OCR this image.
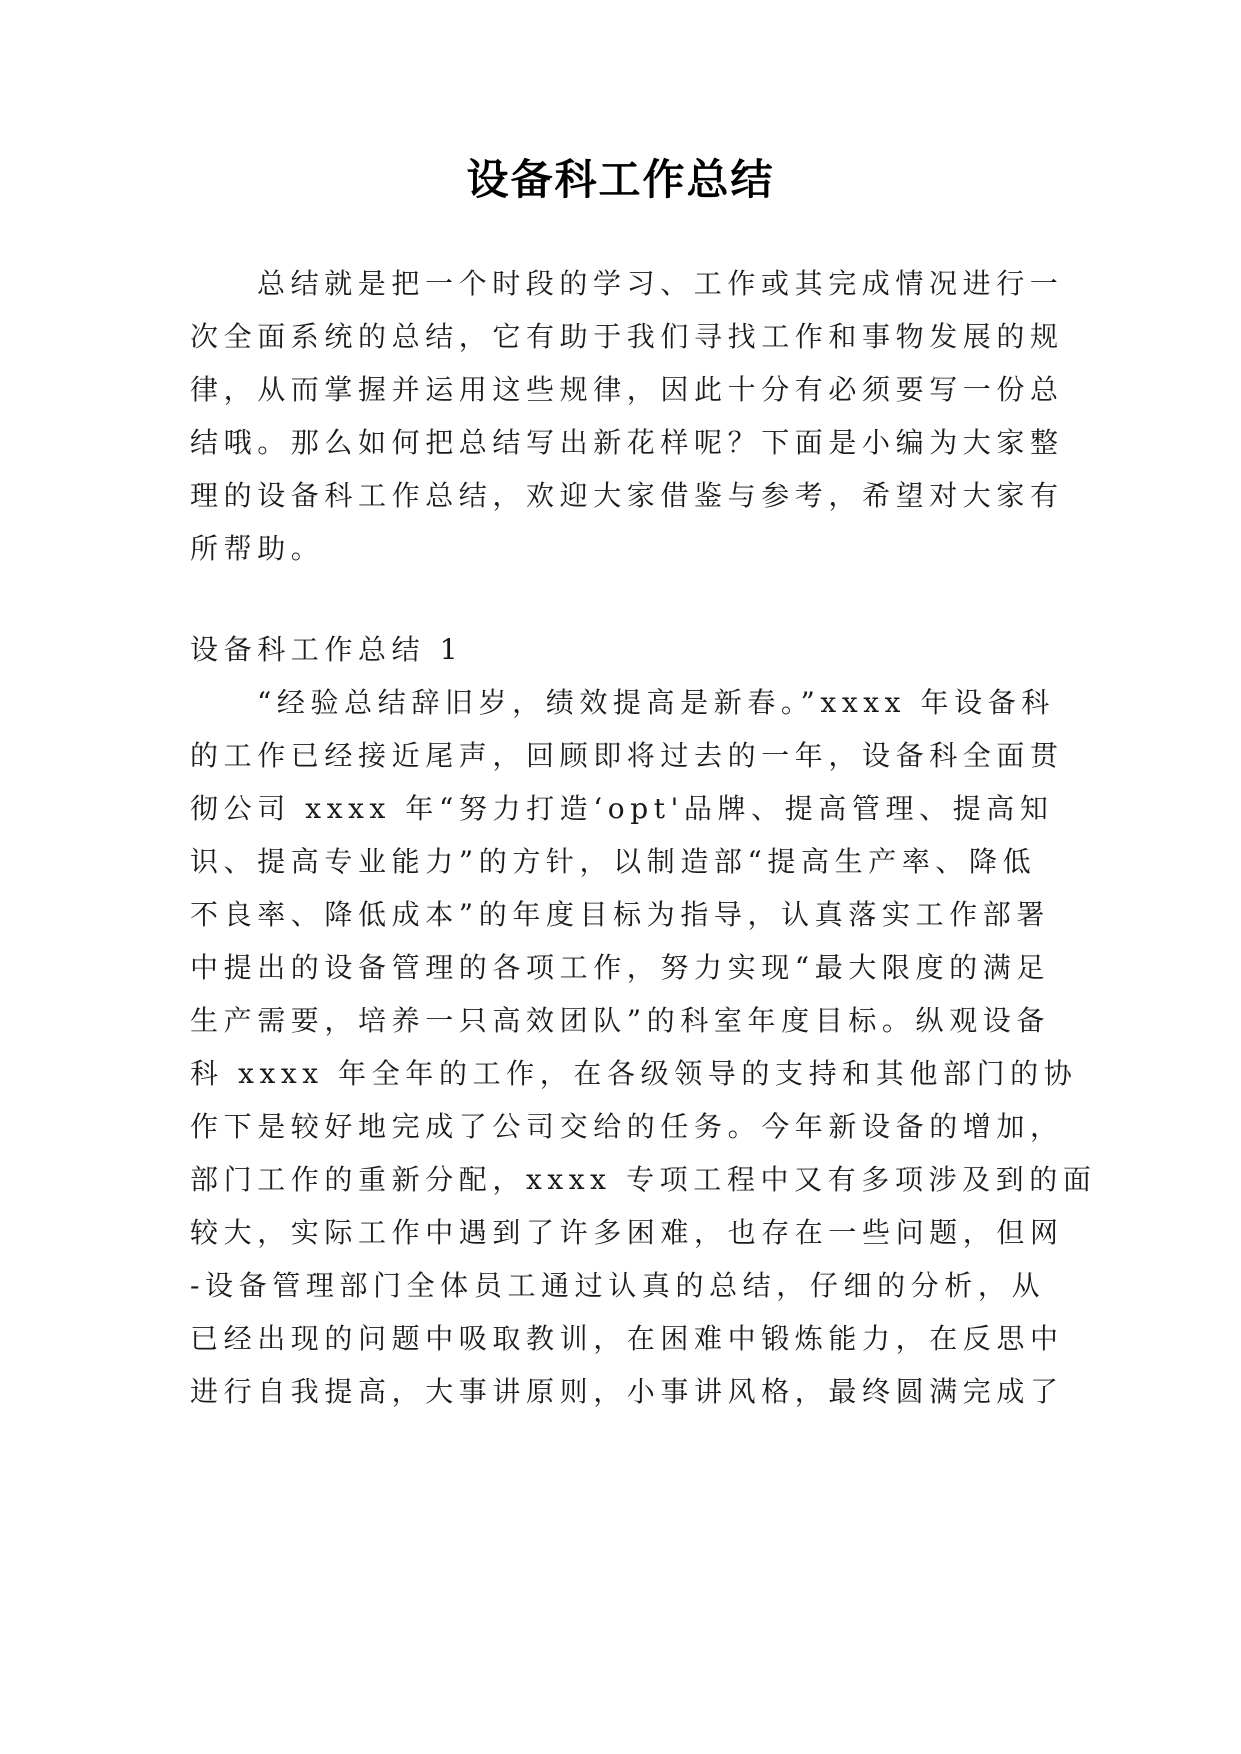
设备科工作总结
总结就是把一个时段的学习、工作或其完成情况进行一
次全面系统的总结，它有助于我们寻找工作和事物发展的规
律，从而掌握并运用这些规律，因此十分有必须要写一份总
结哦。那么如何把总结写出新花样呢？下面是小编为大家整
理的设备科工作总结，欢迎大家借鉴与参考，希望对大家有
所帮助。
设备科工作总结 1
“经验总结辞旧岁，绩效提高是新春。”xxxx 年设备科
的工作已经接近尾声，回顾即将过去的一年，设备科全面贯
彻公司 xxxx 年“努力打造‘opt'品牌、提高管理、提高知
识、提高专业能力”的方针，以制造部“提高生产率、降低
不良率、降低成本”的年度目标为指导，认真落实工作部署
中提出的设备管理的各项工作，努力实现“最大限度的满足
生产需要，培养一只高效团队”的科室年度目标。纵观设备
科 xxxx 年全年的工作，在各级领导的支持和其他部门的协
作下是较好地完成了公司交给的任务。今年新设备的增加，
部门工作的重新分配，xxxx 专项工程中又有多项涉及到的面
较大，实际工作中遇到了许多困难，也存在一些问题，但网
-设备管理部门全体员工通过认真的总结，仔细的分析，从
已经出现的问题中吸取教训，在困难中锻炼能力，在反思中
进行自我提高，大事讲原则，小事讲风格，最终圆满完成了
